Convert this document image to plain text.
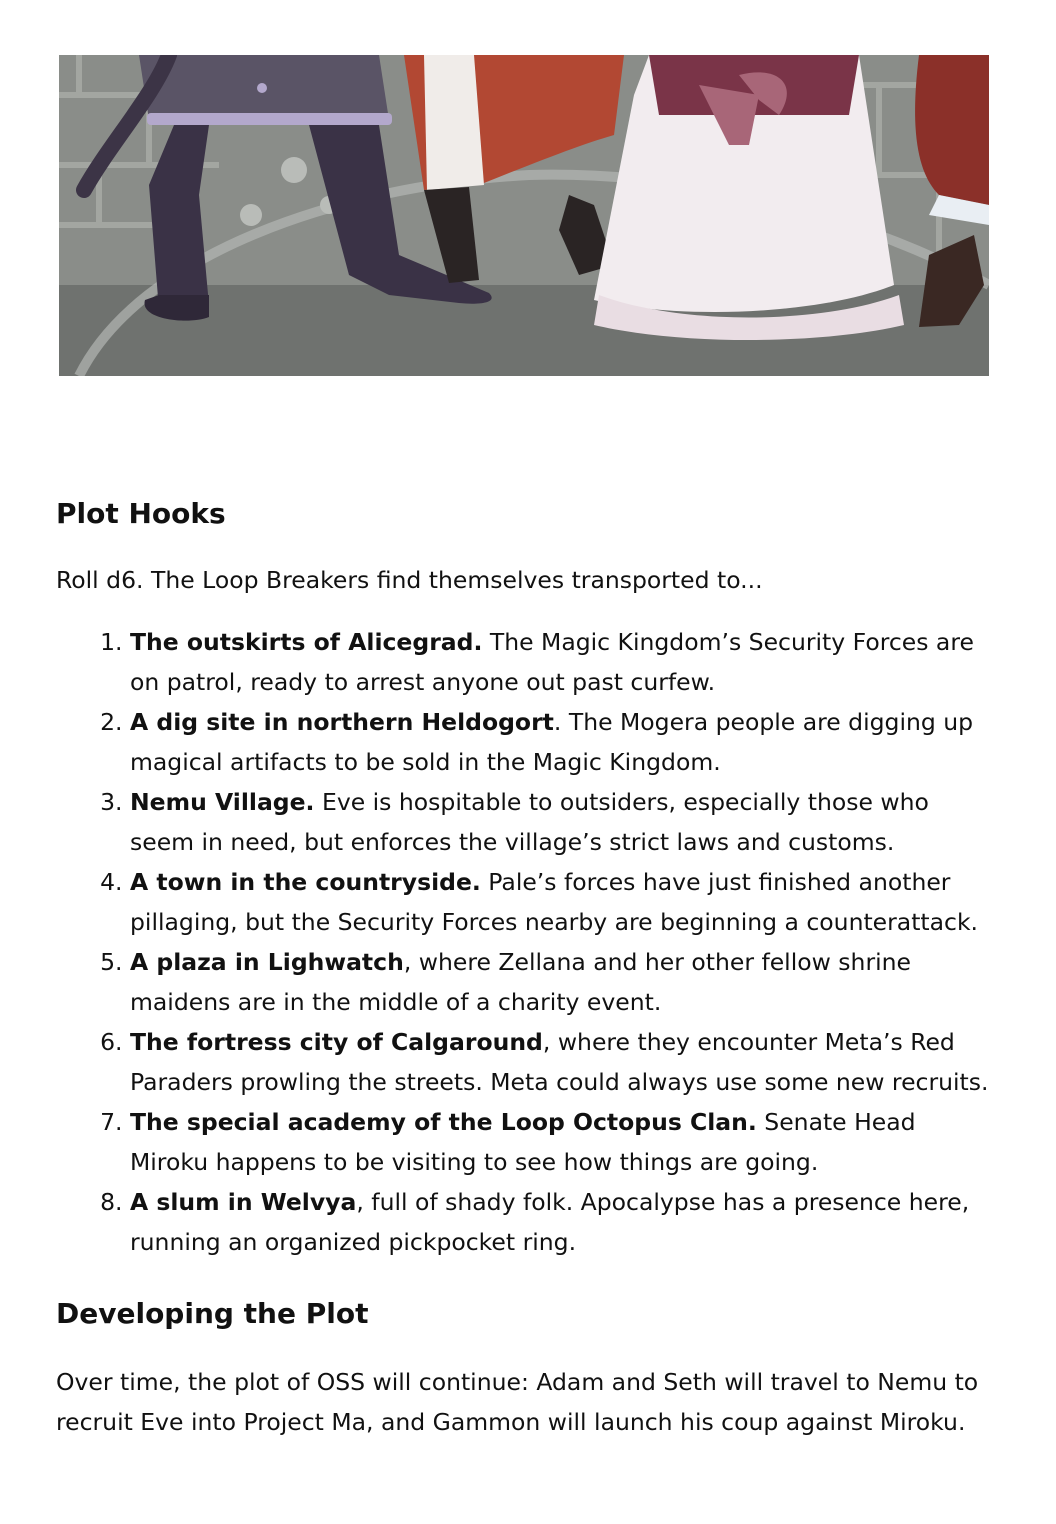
Plot Hooks

Roll d6. The Loop Breakers find themselves transported to...

1. The outskirts of Alicegrad. The Magic Kingdom’s Security Forces are on patrol, ready to arrest anyone out past curfew.
2. A dig site in northern Heldogort. The Mogera people are digging up magical artifacts to be sold in the Magic Kingdom.
3. Nemu Village. Eve is hospitable to outsiders, especially those who seem in need, but enforces the village’s strict laws and customs.
4. A town in the countryside. Pale’s forces have just finished another pillaging, but the Security Forces nearby are beginning a counterattack.
5. A plaza in Lighwatch, where Zellana and her other fellow shrine maidens are in the middle of a charity event.
6. The fortress city of Calgaround, where they encounter Meta’s Red Paraders prowling the streets. Meta could always use some new recruits.
7. The special academy of the Loop Octopus Clan. Senate Head Miroku happens to be visiting to see how things are going.
8. A slum in Welvya, full of shady folk. Apocalypse has a presence here, running an organized pickpocket ring.
Developing the Plot

Over time, the plot of OSS will continue: Adam and Seth will travel to Nemu to recruit Eve into Project Ma, and Gammon will launch his coup against Miroku.
